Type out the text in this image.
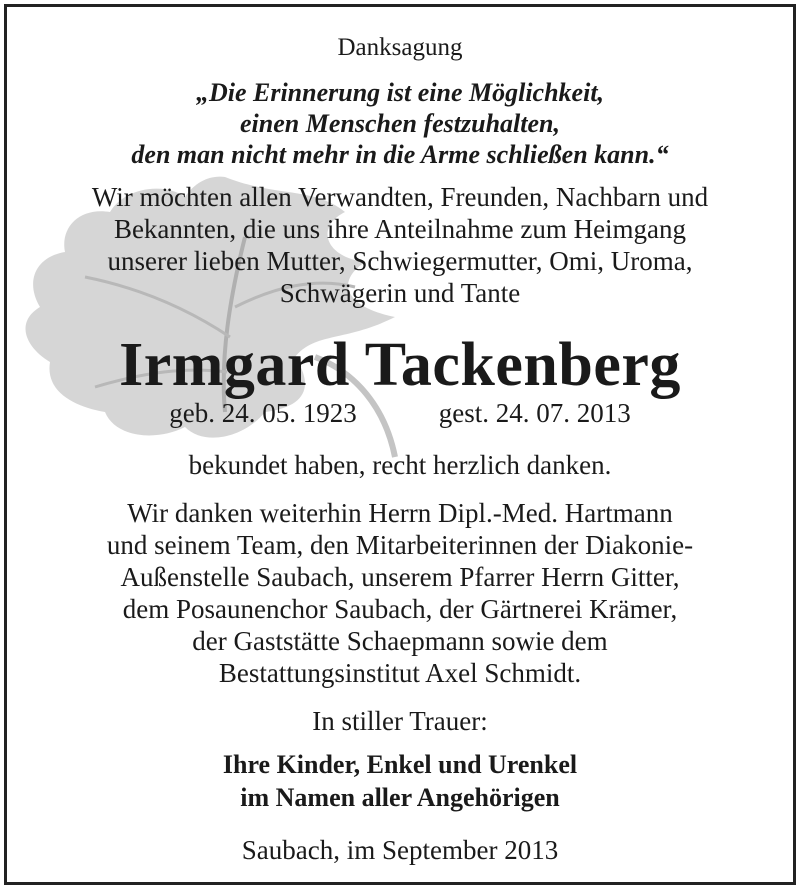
Danksagung
„Die Erinnerung ist eine Möglichkeit,
einen Menschen festzuhalten,
den man nicht mehr in die Arme schließen kann.“
Wir möchten allen Verwandten, Freunden, Nachbarn und
Bekannten, die uns ihre Anteilnahme zum Heimgang
unserer lieben Mutter, Schwiegermutter, Omi, Uroma,
Schwägerin und Tante
Irmgard Tackenberg
geb. 24. 05. 1923	gest. 24. 07. 2013
bekundet haben, recht herzlich danken.
Wir danken weiterhin Herrn Dipl.-Med. Hartmann
und seinem Team, den Mitarbeiterinnen der Diakonie-
Außenstelle Saubach, unserem Pfarrer Herrn Gitter,
dem Posaunenchor Saubach, der Gärtnerei Krämer,
der Gaststätte Schaepmann sowie dem
Bestattungsinstitut Axel Schmidt.
In stiller Trauer:
Ihre Kinder, Enkel und Urenkel
im Namen aller Angehörigen
Saubach, im September 2013
